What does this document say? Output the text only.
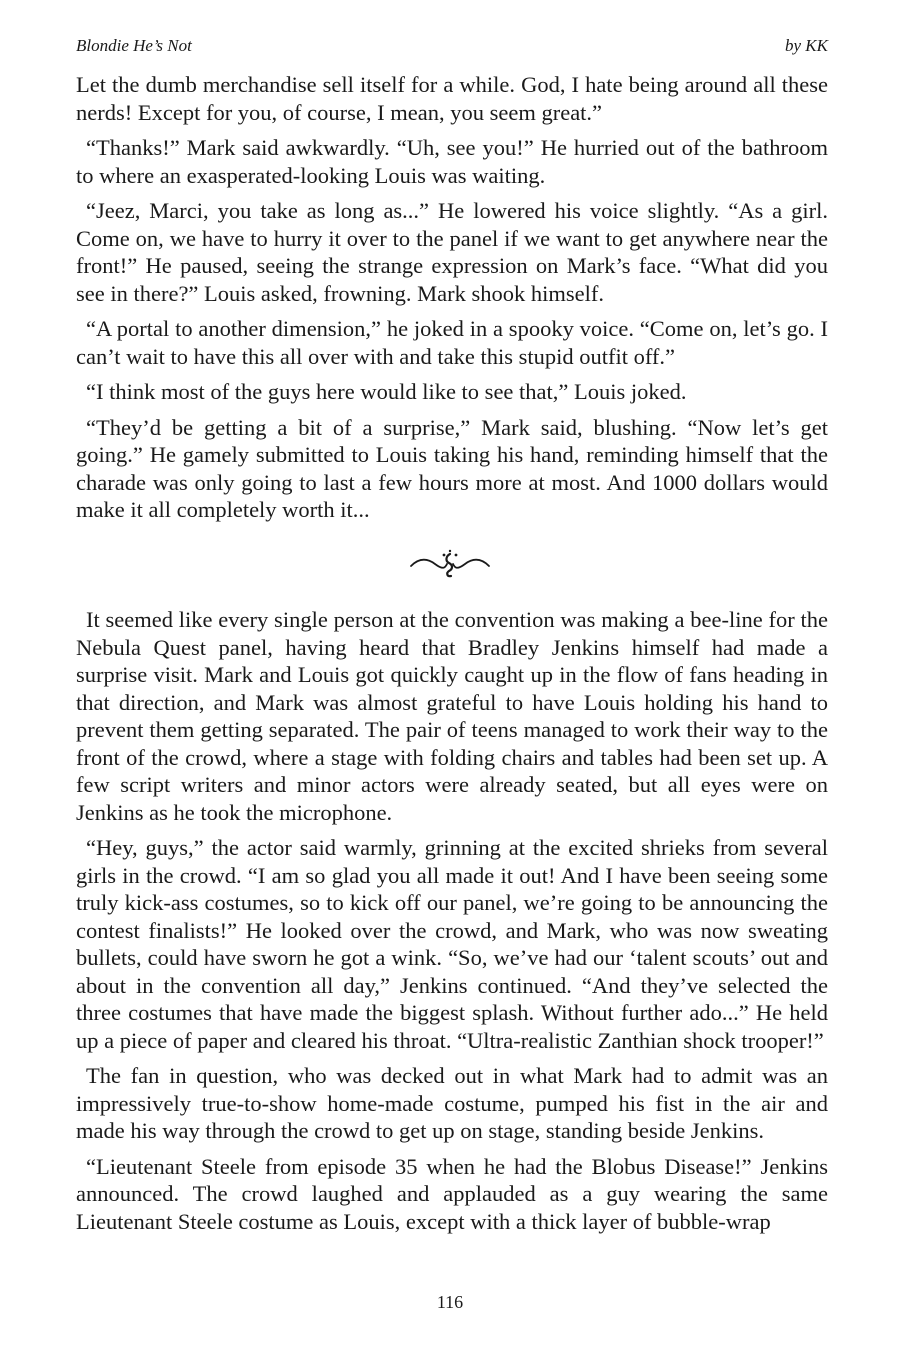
Blondie He’s Not	by KK

Let the dumb merchandise sell itself for a while. God, I hate being around all these nerds! Except for you, of course, I mean, you seem great.”

“Thanks!” Mark said awkwardly. “Uh, see you!” He hurried out of the bathroom to where an exasperated-looking Louis was waiting.

“Jeez, Marci, you take as long as...” He lowered his voice slightly. “As a girl. Come on, we have to hurry it over to the panel if we want to get anywhere near the front!” He paused, seeing the strange expression on Mark’s face. “What did you see in there?” Louis asked, frowning. Mark shook himself.

“A portal to another dimension,” he joked in a spooky voice. “Come on, let’s go. I can’t wait to have this all over with and take this stupid outfit off.”

“I think most of the guys here would like to see that,” Louis joked.

“They’d be getting a bit of a surprise,” Mark said, blushing. “Now let’s get going.” He gamely submitted to Louis taking his hand, reminding himself that the charade was only going to last a few hours more at most. And 1000 dollars would make it all completely worth it...

It seemed like every single person at the convention was making a bee-line for the Nebula Quest panel, having heard that Bradley Jenkins himself had made a surprise visit. Mark and Louis got quickly caught up in the flow of fans heading in that direction, and Mark was almost grateful to have Louis holding his hand to prevent them getting separated. The pair of teens managed to work their way to the front of the crowd, where a stage with folding chairs and tables had been set up. A few script writers and minor actors were already seated, but all eyes were on Jenkins as he took the microphone.

“Hey, guys,” the actor said warmly, grinning at the excited shrieks from several girls in the crowd. “I am so glad you all made it out! And I have been seeing some truly kick-ass costumes, so to kick off our panel, we’re going to be announcing the contest finalists!” He looked over the crowd, and Mark, who was now sweating bullets, could have sworn he got a wink. “So, we’ve had our ‘talent scouts’ out and about in the convention all day,” Jenkins continued. “And they’ve selected the three costumes that have made the biggest splash. Without further ado...” He held up a piece of paper and cleared his throat. “Ultra-realistic Zanthian shock trooper!”

The fan in question, who was decked out in what Mark had to admit was an impressively true-to-show home-made costume, pumped his fist in the air and made his way through the crowd to get up on stage, standing beside Jenkins.

“Lieutenant Steele from episode 35 when he had the Blobus Disease!” Jenkins announced. The crowd laughed and applauded as a guy wearing the same Lieutenant Steele costume as Louis, except with a thick layer of bubble-wrap

116
